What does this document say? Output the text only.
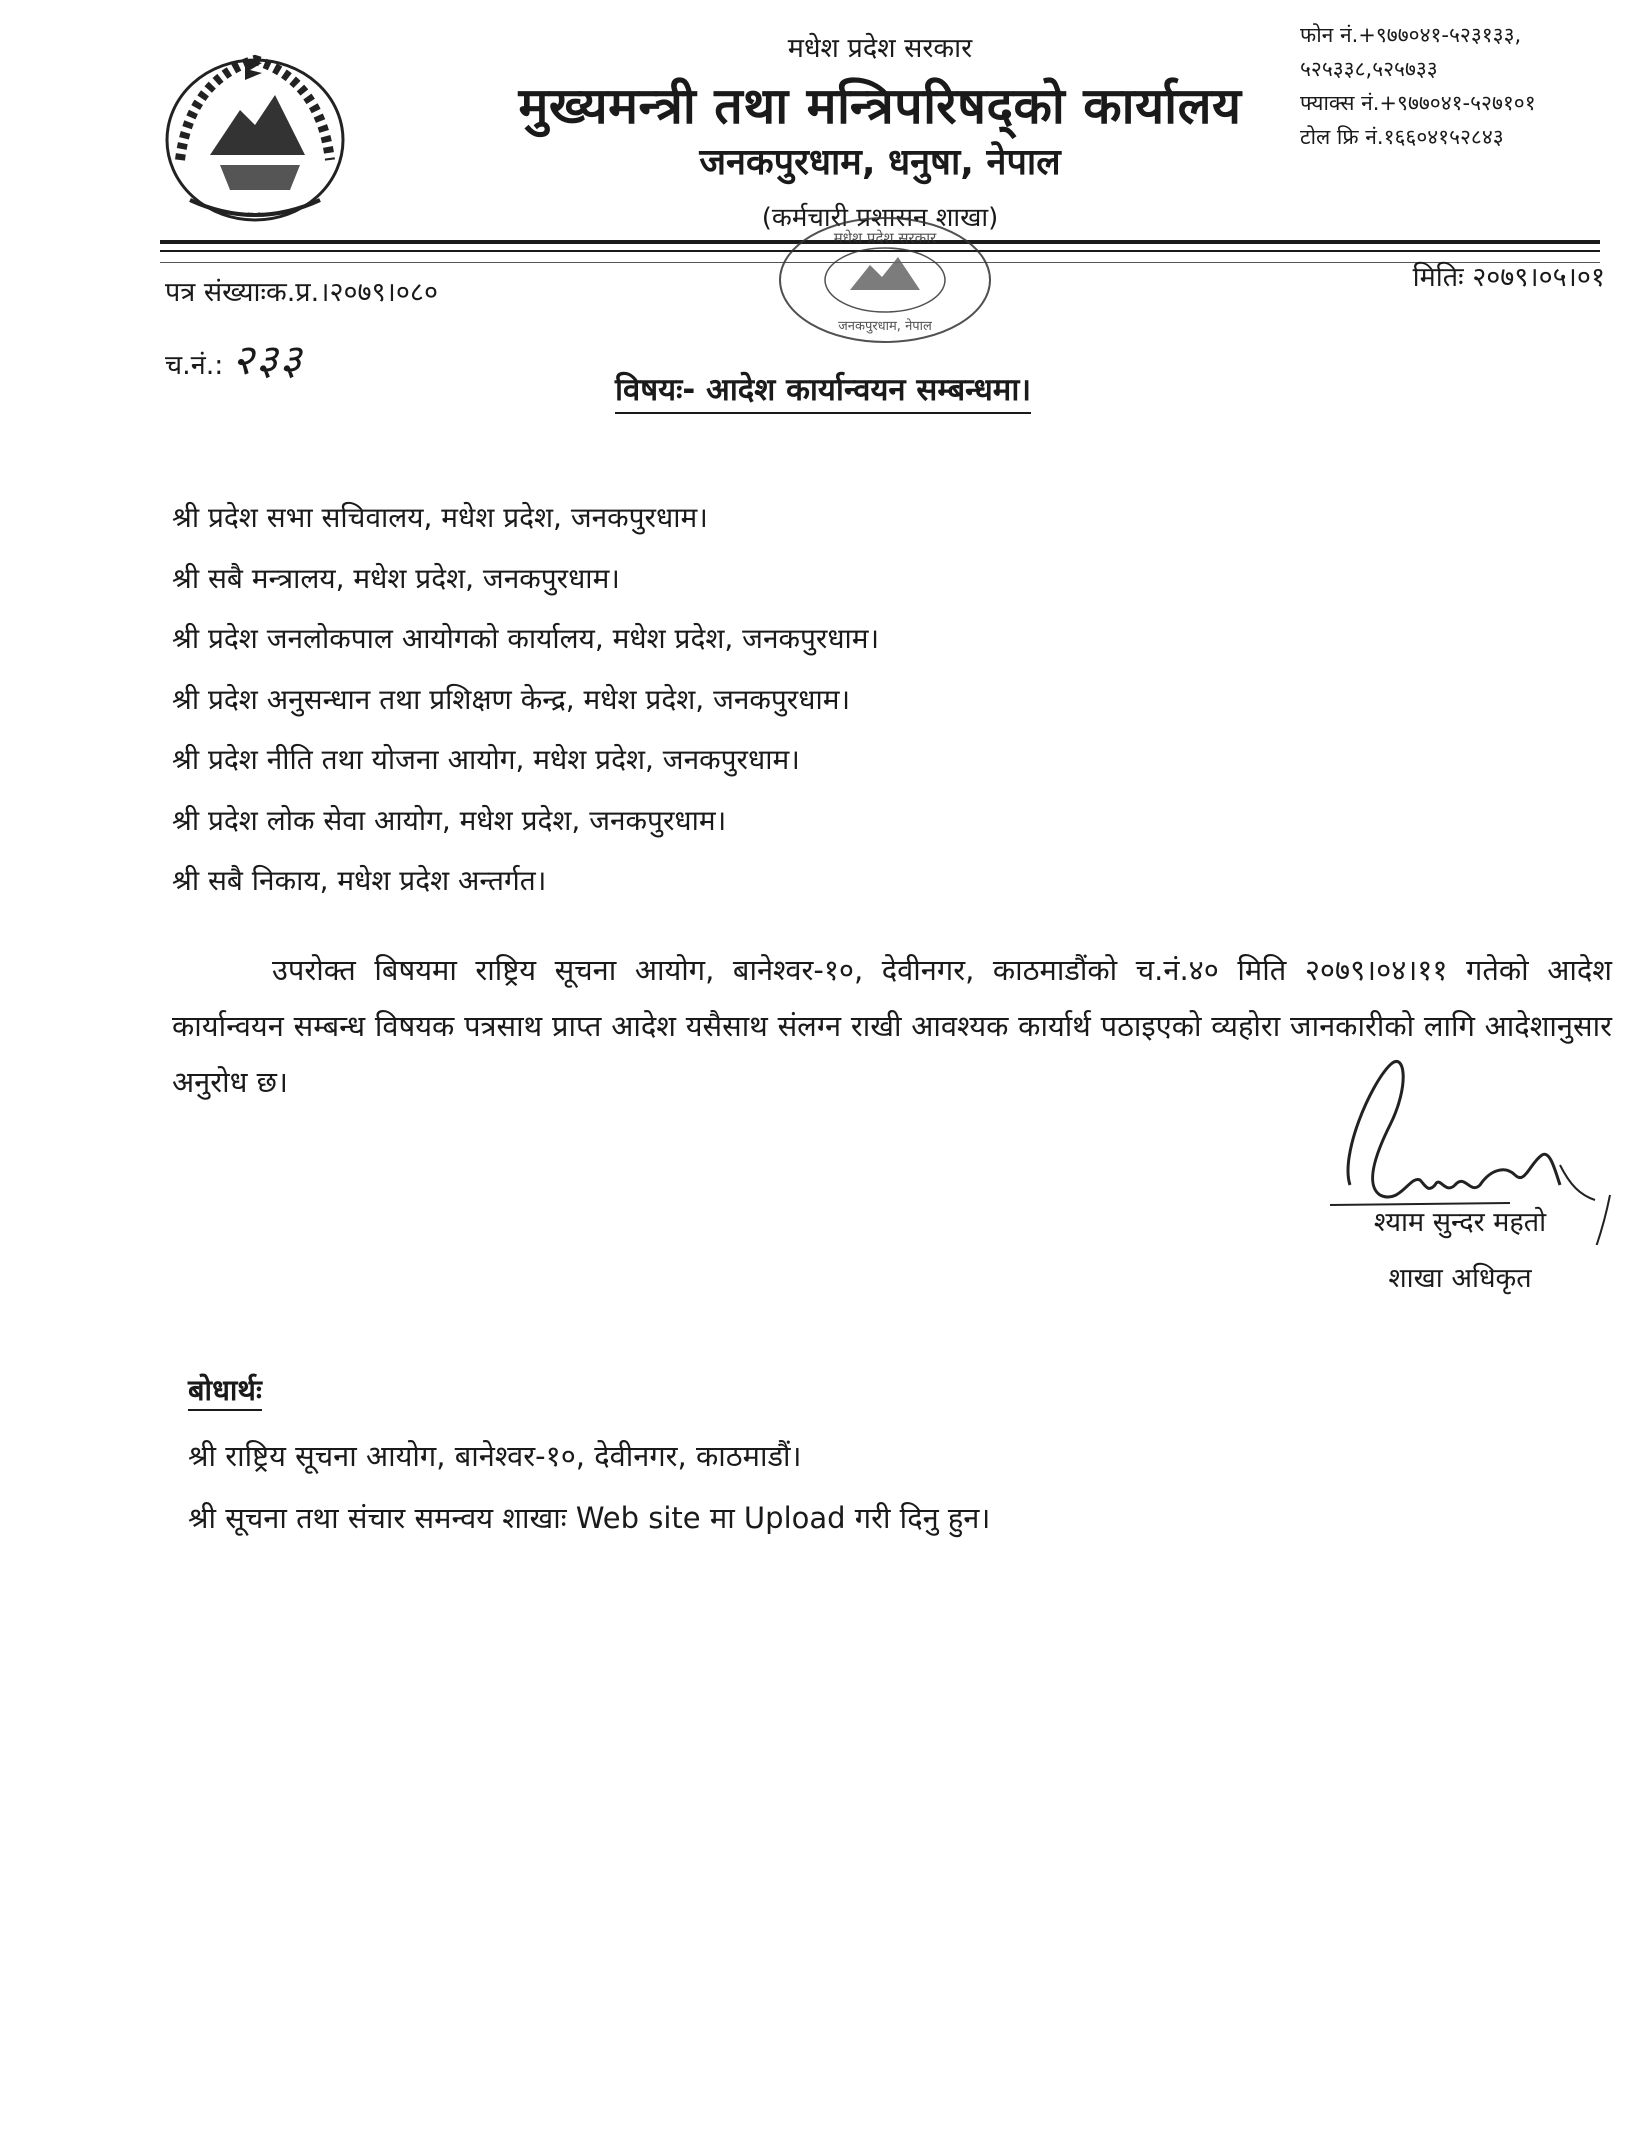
~ ~ ~ ~ ~ ~
मधेश प्रदेश सरकार
मुख्यमन्त्री तथा मन्त्रिपरिषद्को कार्यालय
जनकपुरधाम, धनुषा, नेपाल
(कर्मचारी प्रशासन शाखा)
फोन नं.+९७७०४१-५२३१३३,
५२५३३८,५२५७३३
फ्याक्स नं.+९७७०४१-५२७१०१
टोल फ्रि नं.१६६०४१५२८४३
मधेश प्रदेश सरकार
जनकपुरधाम, नेपाल
पत्र संख्याःक.प्र.।२०७९।०८०	मितिः २०७९।०५।०१
च.नं.: २३३
विषयः- आदेश कार्यान्वयन सम्बन्धमा।
श्री प्रदेश सभा सचिवालय, मधेश प्रदेश, जनकपुरधाम।
श्री सबै मन्त्रालय, मधेश प्रदेश, जनकपुरधाम।
श्री प्रदेश जनलोकपाल आयोगको कार्यालय, मधेश प्रदेश, जनकपुरधाम।
श्री प्रदेश अनुसन्धान तथा प्रशिक्षण केन्द्र, मधेश प्रदेश, जनकपुरधाम।
श्री प्रदेश नीति तथा योजना आयोग, मधेश प्रदेश, जनकपुरधाम।
श्री प्रदेश लोक सेवा आयोग, मधेश प्रदेश, जनकपुरधाम।
श्री सबै निकाय, मधेश प्रदेश अन्तर्गत।
उपरोक्त बिषयमा राष्ट्रिय सूचना आयोग, बानेश्वर-१०, देवीनगर, काठमाडौंको च.नं.४० मिति २०७९।०४।११ गतेको आदेश कार्यान्वयन सम्बन्ध विषयक पत्रसाथ प्राप्त आदेश यसैसाथ संलग्न राखी आवश्यक कार्यार्थ पठाइएको व्यहोरा जानकारीको लागि आदेशानुसार अनुरोध छ।
श्याम सुन्दर महतो
शाखा अधिकृत
बोधार्थः
श्री राष्ट्रिय सूचना आयोग, बानेश्वर-१०, देवीनगर, काठमाडौं।
श्री सूचना तथा संचार समन्वय शाखाः Web site मा Upload गरी दिनु हुन।
